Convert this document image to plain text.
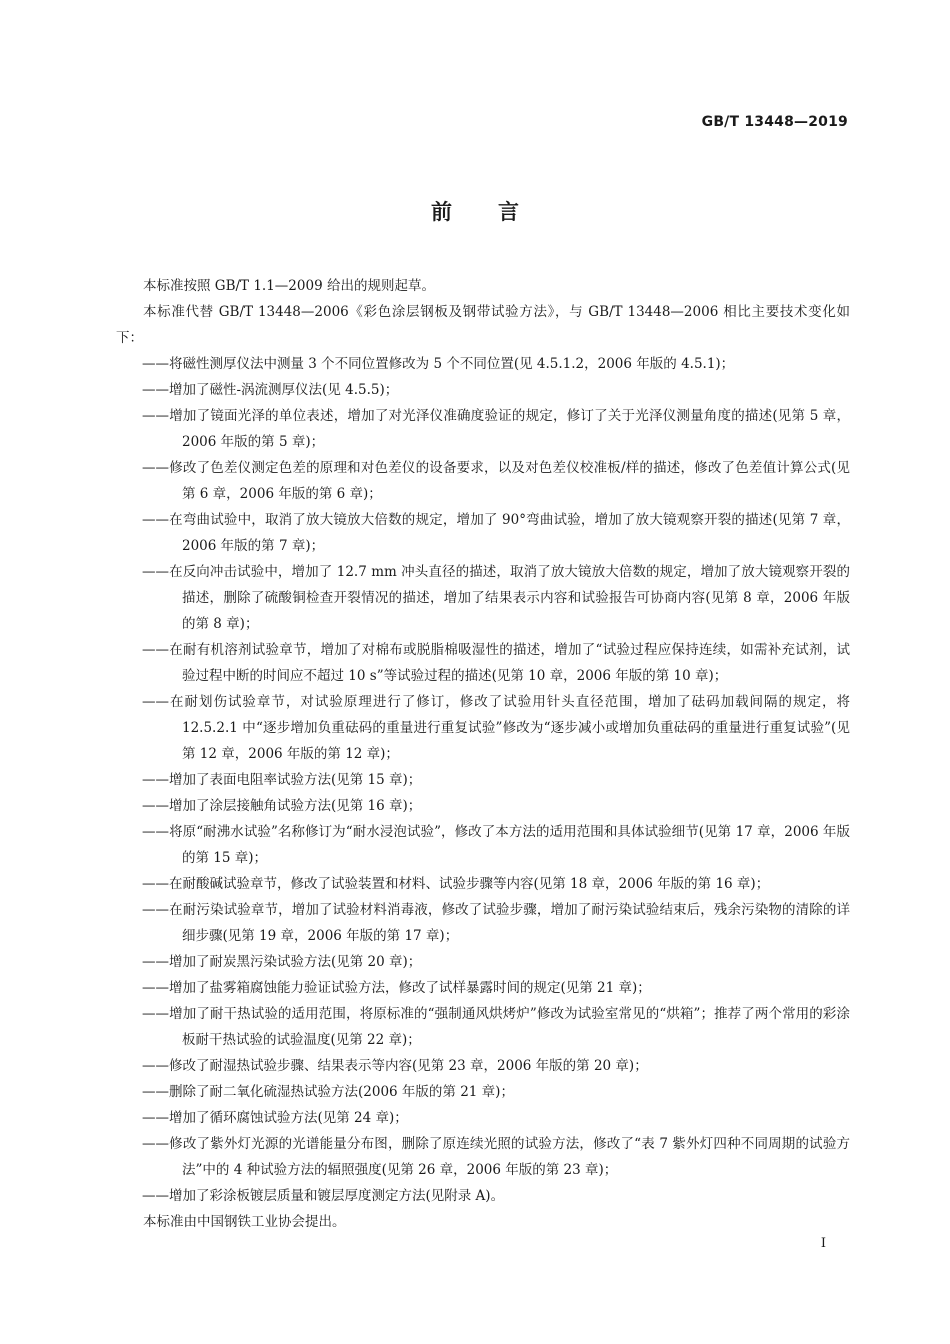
GB/T 13448—2019
前言

本标准按照 GB/T 1.1—2009 给出的规则起草。

本标准代替 GB/T 13448—2006《彩色涂层钢板及钢带试验方法》，与 GB/T 13448—2006 相比主要技术变化如下：

——将磁性测厚仪法中测量 3 个不同位置修改为 5 个不同位置(见 4.5.1.2，2006 年版的 4.5.1)；
——增加了磁性-涡流测厚仪法(见 4.5.5)；
——增加了镜面光泽的单位表述，增加了对光泽仪准确度验证的规定，修订了关于光泽仪测量角度的描述(见第 5 章，2006 年版的第 5 章)；
——修改了色差仪测定色差的原理和对色差仪的设备要求，以及对色差仪校准板/样的描述，修改了色差值计算公式(见第 6 章，2006 年版的第 6 章)；
——在弯曲试验中，取消了放大镜放大倍数的规定，增加了 90°弯曲试验，增加了放大镜观察开裂的描述(见第 7 章，2006 年版的第 7 章)；
——在反向冲击试验中，增加了 12.7 mm 冲头直径的描述，取消了放大镜放大倍数的规定，增加了放大镜观察开裂的描述，删除了硫酸铜检查开裂情况的描述，增加了结果表示内容和试验报告可协商内容(见第 8 章，2006 年版的第 8 章)；
——在耐有机溶剂试验章节，增加了对棉布或脱脂棉吸湿性的描述，增加了“试验过程应保持连续，如需补充试剂，试验过程中断的时间应不超过 10 s”等试验过程的描述(见第 10 章，2006 年版的第 10 章)；
——在耐划伤试验章节，对试验原理进行了修订，修改了试验用针头直径范围，增加了砝码加载间隔的规定，将 12.5.2.1 中“逐步增加负重砝码的重量进行重复试验”修改为“逐步减小或增加负重砝码的重量进行重复试验”(见第 12 章，2006 年版的第 12 章)；
——增加了表面电阻率试验方法(见第 15 章)；
——增加了涂层接触角试验方法(见第 16 章)；
——将原“耐沸水试验”名称修订为“耐水浸泡试验”，修改了本方法的适用范围和具体试验细节(见第 17 章，2006 年版的第 15 章)；
——在耐酸碱试验章节，修改了试验装置和材料、试验步骤等内容(见第 18 章，2006 年版的第 16 章)；
——在耐污染试验章节，增加了试验材料消毒液，修改了试验步骤，增加了耐污染试验结束后，残余污染物的清除的详细步骤(见第 19 章，2006 年版的第 17 章)；
——增加了耐炭黑污染试验方法(见第 20 章)；
——增加了盐雾箱腐蚀能力验证试验方法，修改了试样暴露时间的规定(见第 21 章)；
——增加了耐干热试验的适用范围，将原标准的“强制通风烘烤炉”修改为试验室常见的“烘箱”；推荐了两个常用的彩涂板耐干热试验的试验温度(见第 22 章)；
——修改了耐湿热试验步骤、结果表示等内容(见第 23 章，2006 年版的第 20 章)；
——删除了耐二氧化硫湿热试验方法(2006 年版的第 21 章)；
——增加了循环腐蚀试验方法(见第 24 章)；
——修改了紫外灯光源的光谱能量分布图，删除了原连续光照的试验方法，修改了“表 7 紫外灯四种不同周期的试验方法”中的 4 种试验方法的辐照强度(见第 26 章，2006 年版的第 23 章)；
——增加了彩涂板镀层质量和镀层厚度测定方法(见附录 A)。

本标准由中国钢铁工业协会提出。

I
